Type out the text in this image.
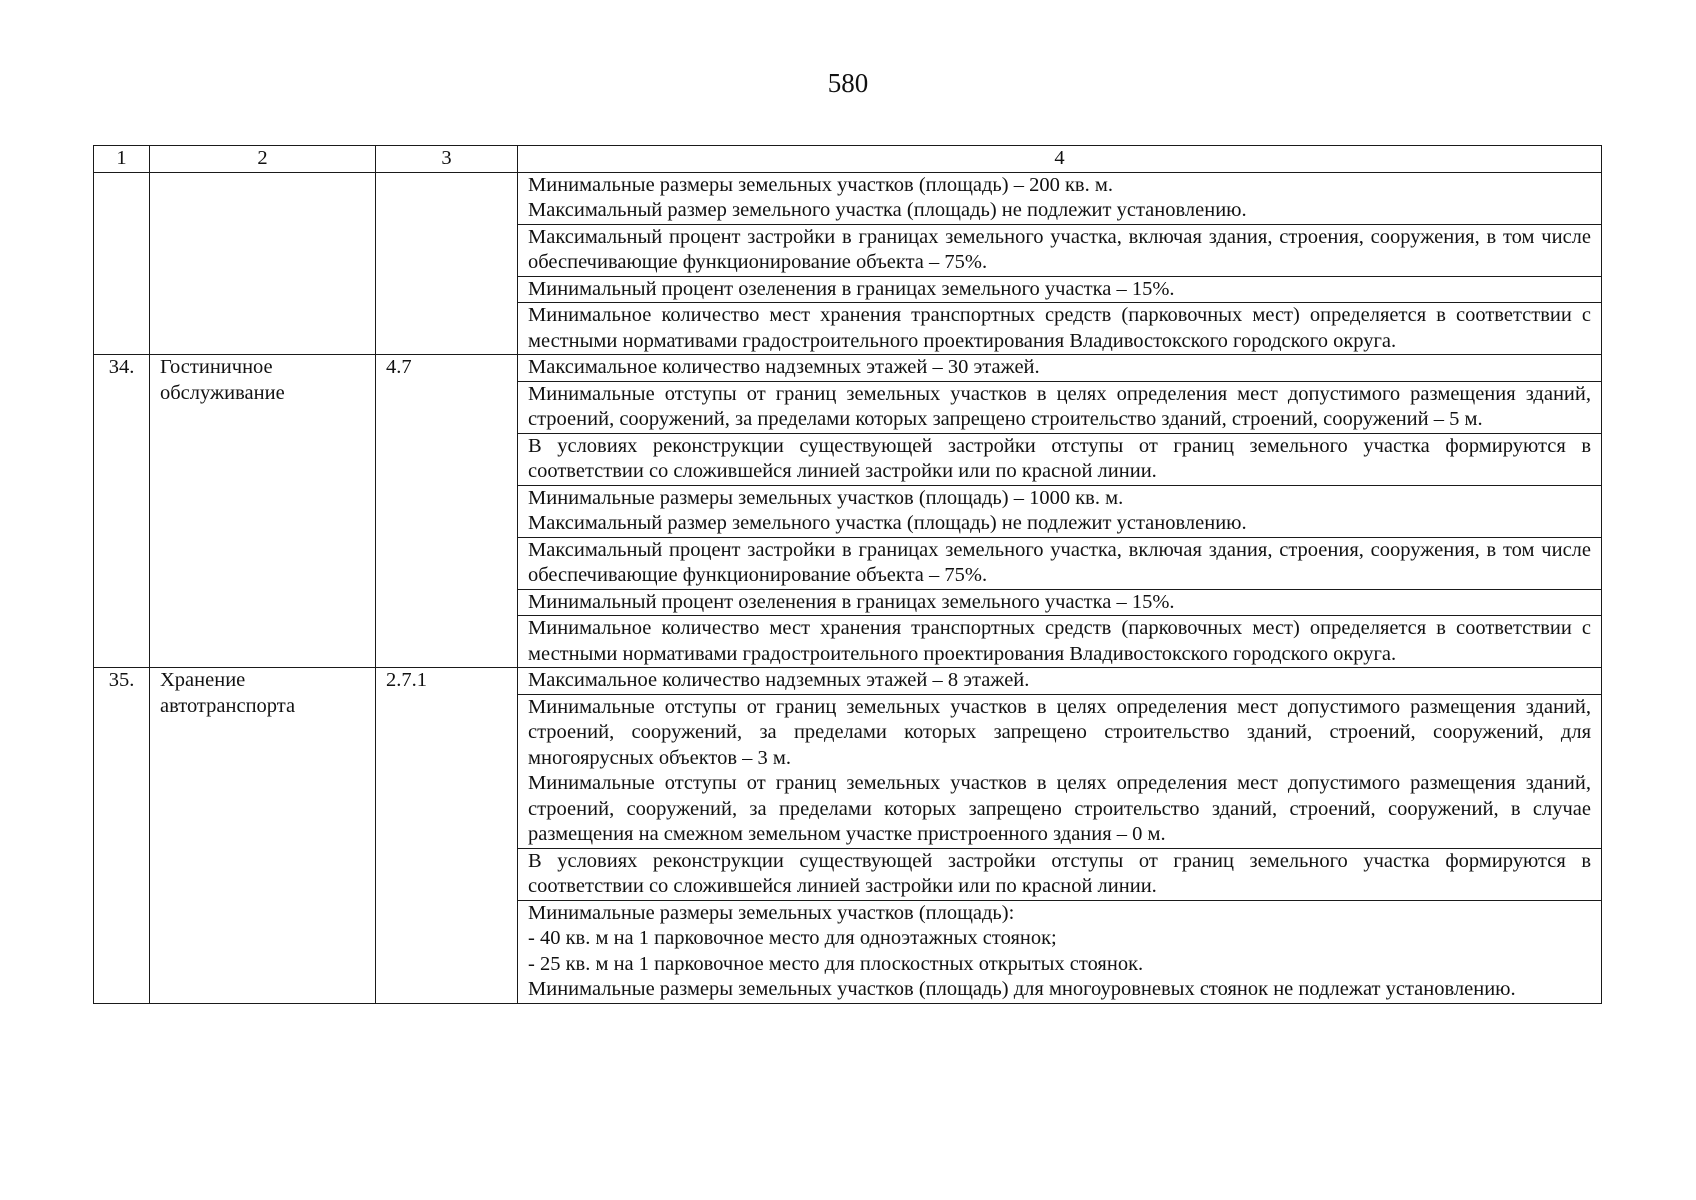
580
1	2	3	4

			Минимальные размеры земельных участков (площадь) – 200 кв. м.
Максимальный размер земельного участка (площадь) не подлежит установлению.

			Максимальный процент застройки в границах земельного участка, включая здания, строения, сооружения, в том числе обеспечивающие функционирование объекта – 75%.

			Минимальный процент озеленения в границах земельного участка – 15%.

			Минимальное количество мест хранения транспортных средств (парковочных мест) определяется в соответствии с местными нормативами градостроительного проектирования Владивостокского городского округа.

34.	Гостиничное обслуживание	4.7	Максимальное количество надземных этажей – 30 этажей.

			Минимальные отступы от границ земельных участков в целях определения мест допустимого размещения зданий, строений, сооружений, за пределами которых запрещено строительство зданий, строений, сооружений – 5 м.

			В условиях реконструкции существующей застройки отступы от границ земельного участка формируются в соответствии со сложившейся линией застройки или по красной линии.

			Минимальные размеры земельных участков (площадь) – 1000 кв. м.
Максимальный размер земельного участка (площадь) не подлежит установлению.

			Максимальный процент застройки в границах земельного участка, включая здания, строения, сооружения, в том числе обеспечивающие функционирование объекта – 75%.

			Минимальный процент озеленения в границах земельного участка – 15%.

			Минимальное количество мест хранения транспортных средств (парковочных мест) определяется в соответствии с местными нормативами градостроительного проектирования Владивостокского городского округа.

35.	Хранение автотранспорта	2.7.1	Максимальное количество надземных этажей – 8 этажей.

			Минимальные отступы от границ земельных участков в целях определения мест допустимого размещения зданий, строений, сооружений, за пределами которых запрещено строительство зданий, строений, сооружений, для многоярусных объектов – 3 м.
Минимальные отступы от границ земельных участков в целях определения мест допустимого размещения зданий, строений, сооружений, за пределами которых запрещено строительство зданий, строений, сооружений, в случае размещения на смежном земельном участке пристроенного здания – 0 м.

			В условиях реконструкции существующей застройки отступы от границ земельного участка формируются в соответствии со сложившейся линией застройки или по красной линии.

			Минимальные размеры земельных участков (площадь):
- 40 кв. м на 1 парковочное место для одноэтажных стоянок;
- 25 кв. м на 1 парковочное место для плоскостных открытых стоянок.
Минимальные размеры земельных участков (площадь) для многоуровневых стоянок не подлежат установлению.
